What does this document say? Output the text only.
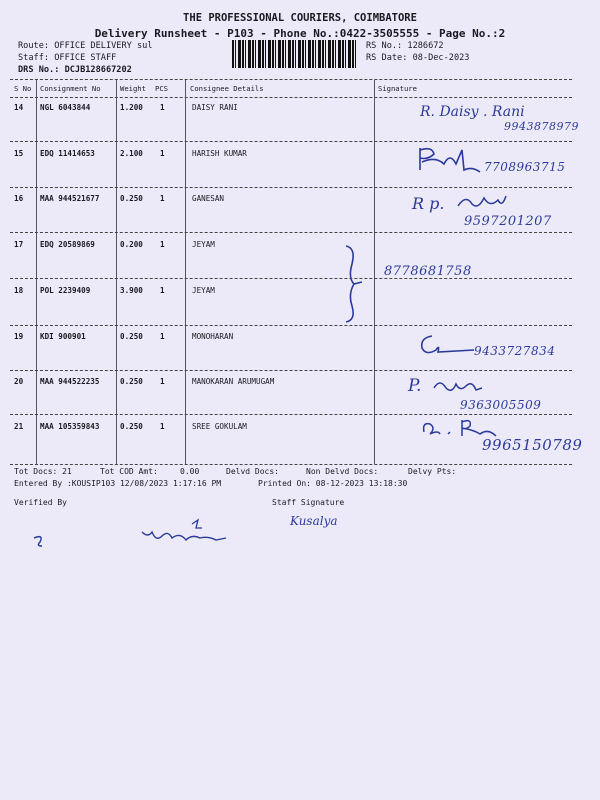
THE PROFESSIONAL COURIERS, COIMBATORE
Delivery Runsheet - P103 - Phone No.:0422-3505555 - Page No.:2
Route: OFFICE DELIVERY sul
Staff: OFFICE STAFF
DRS No.: DCJB128667202
RS No.: 1286672
RS Date: 08-Dec-2023
S No Consignment No	Weight PCS	Consignee Details	Signature
14 NGL 6043844	1.200 1	DAISY RANI	R. Daisy . Rani
9943878979
15 EDQ 11414653	2.100 1	HARISH KUMAR
7708963715
16 MAA 944521677	0.250 1	GANESAN	R p.
9597201207
17 EDQ 20589869	0.200 1	JEYAM
8778681758
18 POL 2239409	3.900 1	JEYAM
19 KDI 900901	0.250 1	MONOHARAN
9433727834
20 MAA 944522235	0.250 1	MANOKARAN ARUMUGAM	P.
9363005509
21 MAA 105359843	0.250 1	SREE GOKULAM
9965150789
Tot Docs: 21	Tot COD Amt:	0.00	Delvd Docs:	Non Delvd Docs:	Delvy Pts:
Entered By :KOUSIP103 12/08/2023 1:17:16 PM	Printed On: 08-12-2023 13:18:30
Verified By	Staff Signature
Kusalya
